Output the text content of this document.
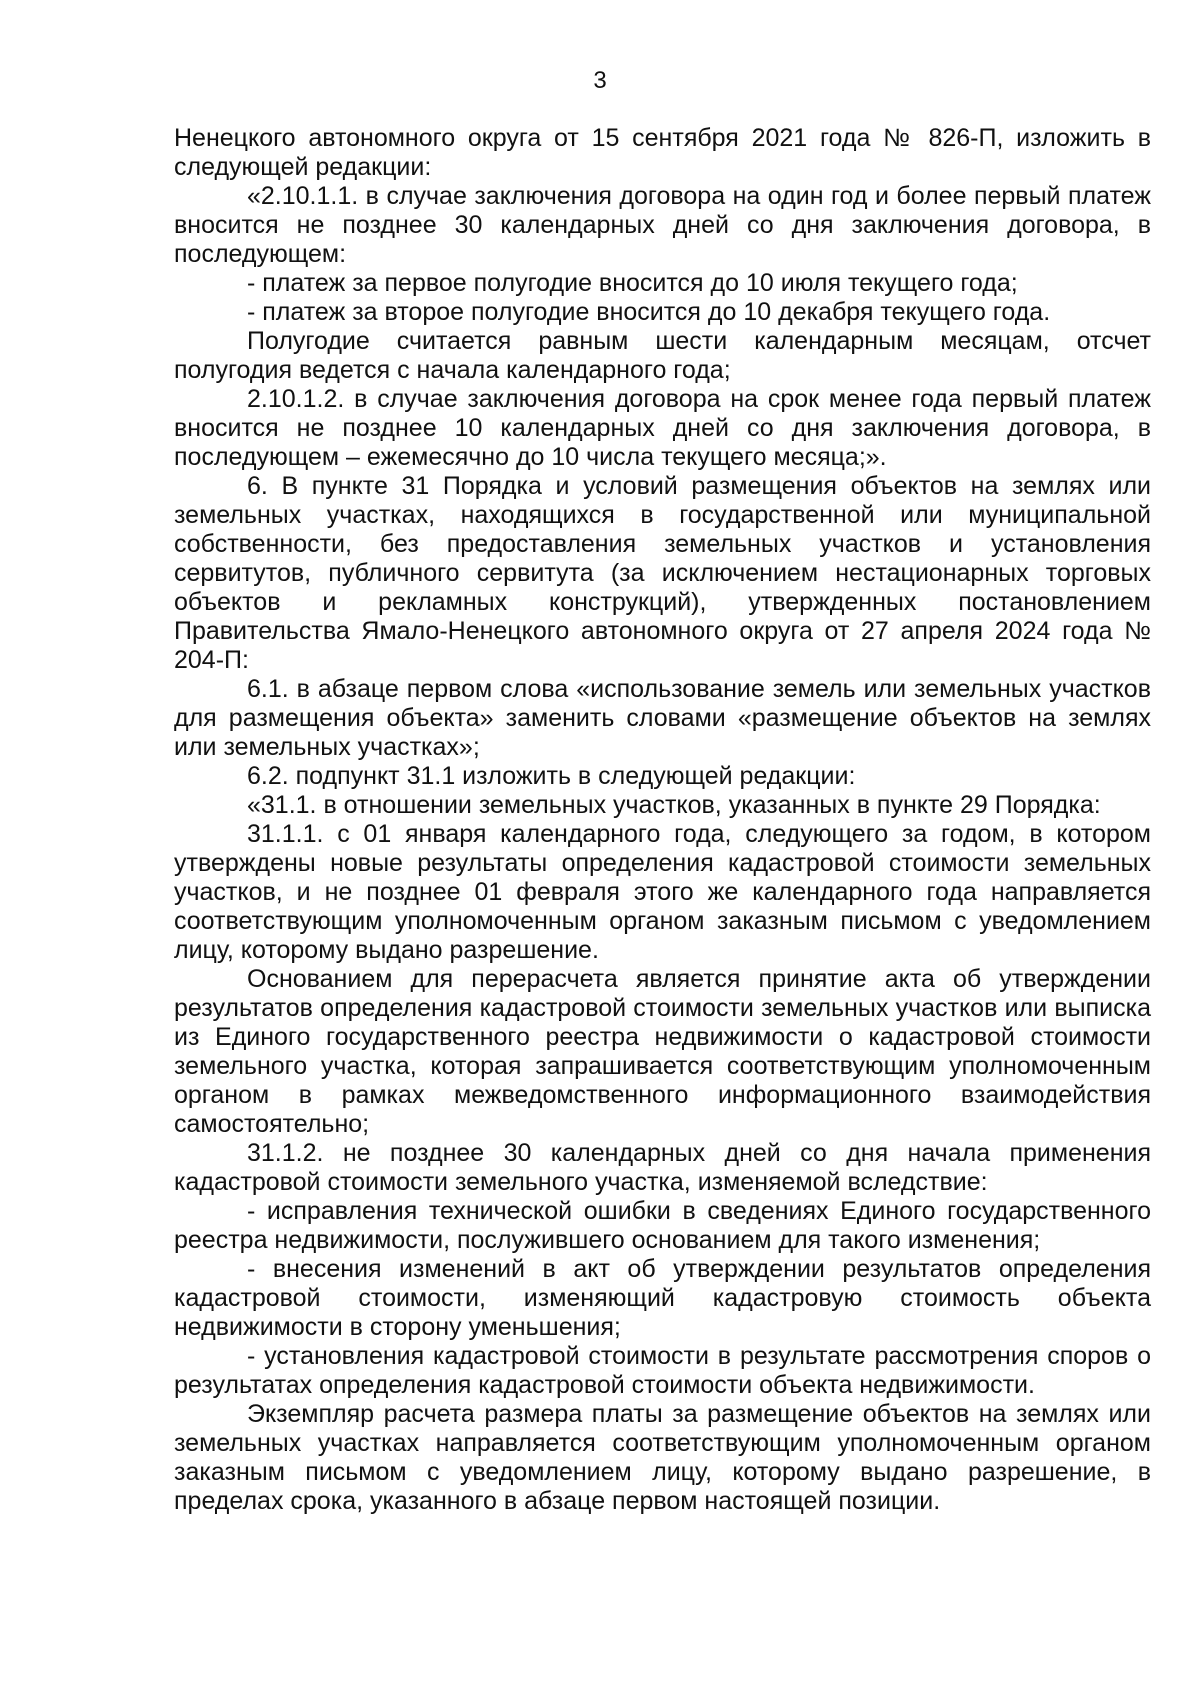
3

Ненецкого автономного округа от 15 сентября 2021 года № 826-П, изложить в следующей редакции:

«2.10.1.1. в случае заключения договора на один год и более первый платеж вносится не позднее 30 календарных дней со дня заключения договора, в последующем:

- платеж за первое полугодие вносится до 10 июля текущего года;

- платеж за второе полугодие вносится до 10 декабря текущего года.

Полугодие считается равным шести календарным месяцам, отсчет полугодия ведется с начала календарного года;

2.10.1.2. в случае заключения договора на срок менее года первый платеж вносится не позднее 10 календарных дней со дня заключения договора, в последующем – ежемесячно до 10 числа текущего месяца;».

6. В пункте 31 Порядка и условий размещения объектов на землях или земельных участках, находящихся в государственной или муниципальной собственности, без предоставления земельных участков и установления сервитутов, публичного сервитута (за исключением нестационарных торговых объектов и рекламных конструкций), утвержденных постановлением Правительства Ямало-Ненецкого автономного округа от 27 апреля 2024 года № 204-П:

6.1. в абзаце первом слова «использование земель или земельных участков для размещения объекта» заменить словами «размещение объектов на землях или земельных участках»;

6.2. подпункт 31.1 изложить в следующей редакции:

«31.1. в отношении земельных участков, указанных в пункте 29 Порядка:

31.1.1. с 01 января календарного года, следующего за годом, в котором утверждены новые результаты определения кадастровой стоимости земельных участков, и не позднее 01 февраля этого же календарного года направляется соответствующим уполномоченным органом заказным письмом с уведомлением лицу, которому выдано разрешение.

Основанием для перерасчета является принятие акта об утверждении результатов определения кадастровой стоимости земельных участков или выписка из Единого государственного реестра недвижимости о кадастровой стоимости земельного участка, которая запрашивается соответствующим уполномоченным органом в рамках межведомственного информационного взаимодействия самостоятельно;

31.1.2. не позднее 30 календарных дней со дня начала применения кадастровой стоимости земельного участка, изменяемой вследствие:

- исправления технической ошибки в сведениях Единого государственного реестра недвижимости, послужившего основанием для такого изменения;

- внесения изменений в акт об утверждении результатов определения кадастровой стоимости, изменяющий кадастровую стоимость объекта недвижимости в сторону уменьшения;

- установления кадастровой стоимости в результате рассмотрения споров о результатах определения кадастровой стоимости объекта недвижимости.

Экземпляр расчета размера платы за размещение объектов на землях или земельных участках направляется соответствующим уполномоченным органом заказным письмом с уведомлением лицу, которому выдано разрешение, в пределах срока, указанного в абзаце первом настоящей позиции.
